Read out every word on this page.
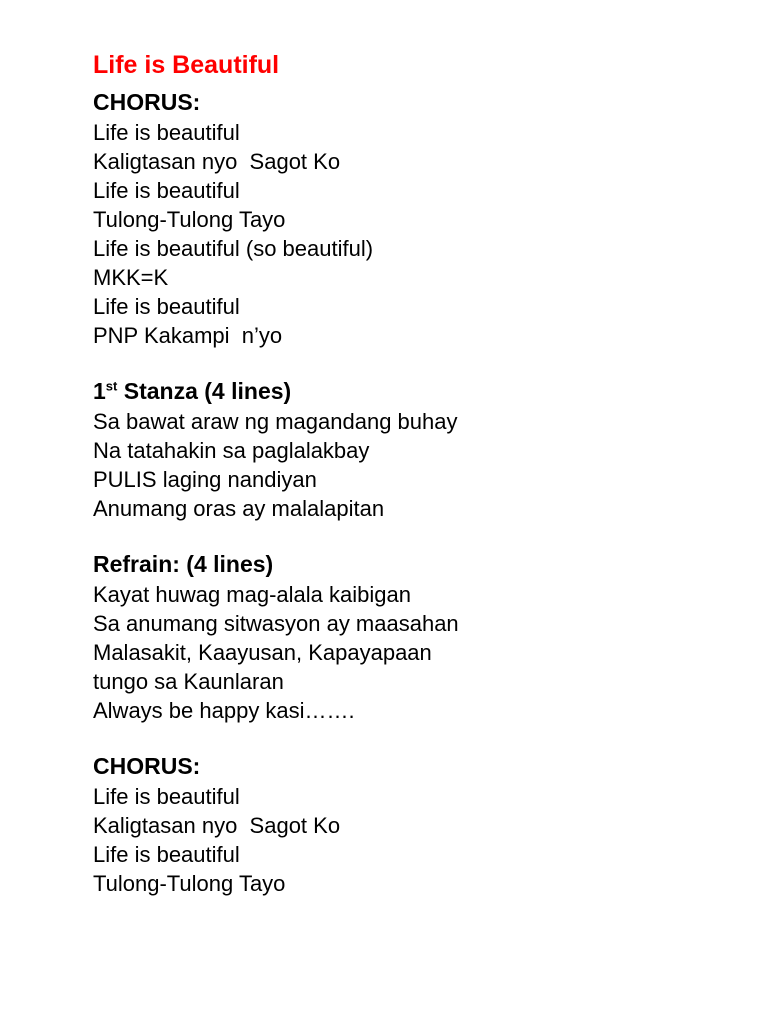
Life is Beautiful
CHORUS:
Life is beautiful
Kaligtasan nyo  Sagot Ko
Life is beautiful
Tulong-Tulong Tayo
Life is beautiful (so beautiful)
MKK=K
Life is beautiful
PNP Kakampi  n’yo
1st Stanza (4 lines)
Sa bawat araw ng magandang buhay
Na tatahakin sa paglalakbay
PULIS laging nandiyan
Anumang oras ay malalapitan
Refrain: (4 lines)
Kayat huwag mag-alala kaibigan
Sa anumang sitwasyon ay maasahan
Malasakit, Kaayusan, Kapayapaan
tungo sa Kaunlaran
Always be happy kasi…….
CHORUS:
Life is beautiful
Kaligtasan nyo  Sagot Ko
Life is beautiful
Tulong-Tulong Tayo
